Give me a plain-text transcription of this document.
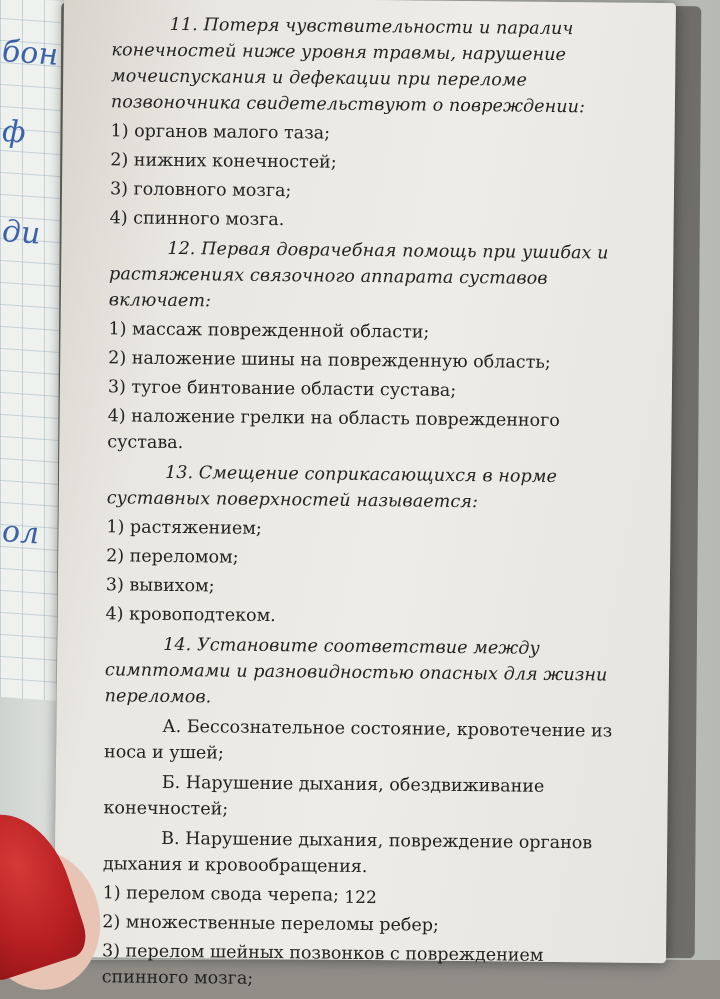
бон
ф
ди
ол

11. Потеря чувствительности и паралич конечностей ниже уровня травмы, нарушение мочеиспускания и дефекации при переломе позвоночника свидетельствуют о повреждении:

1) органов малого таза;

2) нижних конечностей;

3) головного мозга;

4) спинного мозга.

12. Первая доврачебная помощь при ушибах и растяжениях связочного аппарата суставов включает:

1) массаж поврежденной области;

2) наложение шины на поврежденную область;

3) тугое бинтование области сустава;

4) наложение грелки на область поврежденного сустава.

13. Смещение соприкасающихся в норме суставных поверхностей называется:

1) растяжением;

2) переломом;

3) вывихом;

4) кровоподтеком.

14. Установите соответствие между симптомами и разновидностью опасных для жизни переломов.

А. Бессознательное состояние, кровотечение из носа и ушей;

Б. Нарушение дыхания, обездвиживание конечностей;

В. Нарушение дыхания, повреждение органов дыхания и кровообращения.

1) перелом свода черепа;

2) множественные переломы ребер;

3) перелом шейных позвонков с повреждением спинного мозга;

122
